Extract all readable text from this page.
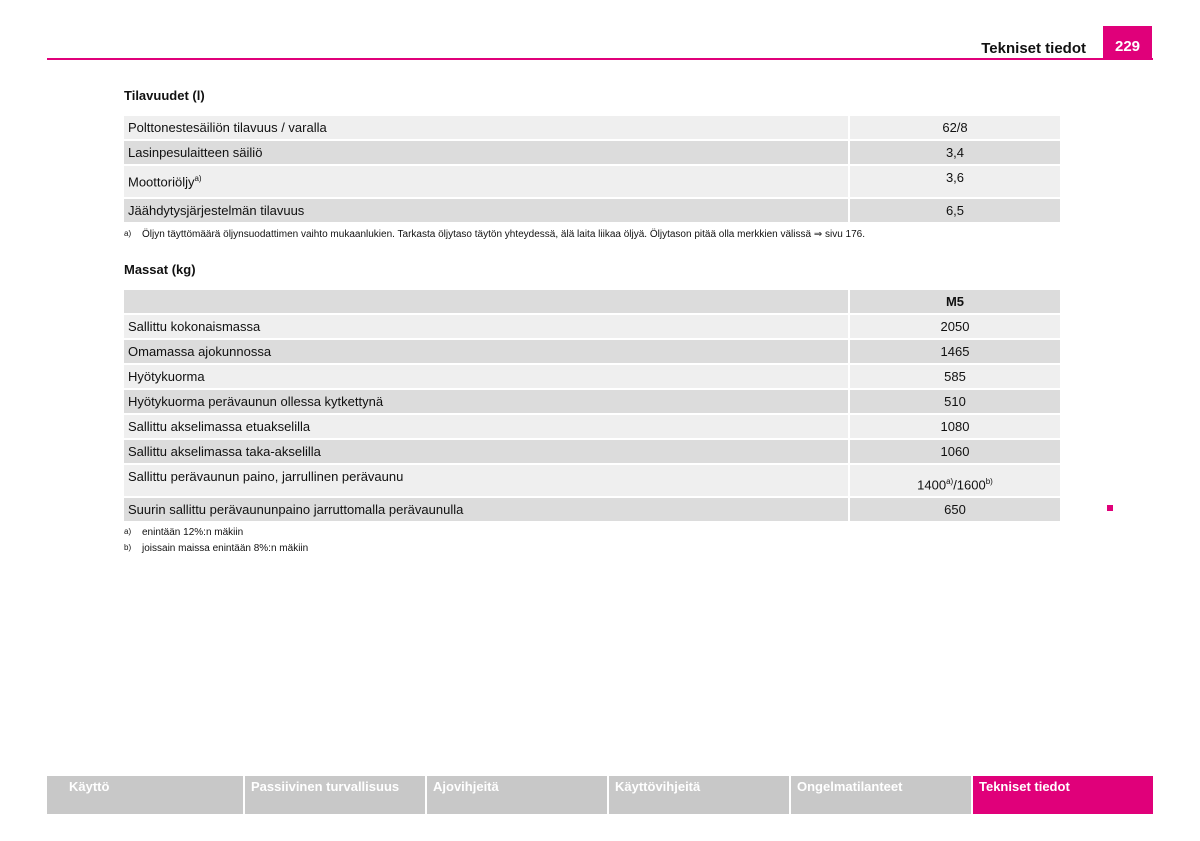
Tekniset tiedot	229
Tilavuudet (l)
Polttonestesäiliön tilavuus / varalla	62/8
Lasinpesulaitteen säiliö	3,4
Moottoriöljy$^{a)}$	3,6
Jäähdytysjärjestelmän tilavuus	6,5
a) Öljyn täyttömäärä öljynsuodattimen vaihto mukaanlukien. Tarkasta öljytaso täytön yhteydessä, älä laita liikaa öljyä. Öljytason pitää olla merkkien välissä ⇒ sivu 176.
Massat (kg)
	M5
Sallittu kokonaismassa	2050
Omamassa ajokunnossa	1465
Hyötykuorma	585
Hyötykuorma perävaunun ollessa kytkettynä	510
Sallittu akselimassa etuakselilla	1080
Sallittu akselimassa taka-akselilla	1060
Sallittu perävaunun paino, jarrullinen perävaunu	1400$^{a)}$/1600$^{b)}$
Suurin sallittu perävaununpaino jarruttomalla perävaunulla	650
a) enintään 12%:n mäkiin
b) joissain maissa enintään 8%:n mäkiin
Käyttö	Passiivinen turvallisuus	Ajovihjeitä	Käyttövihjeitä	Ongelmatilanteet	Tekniset tiedot
